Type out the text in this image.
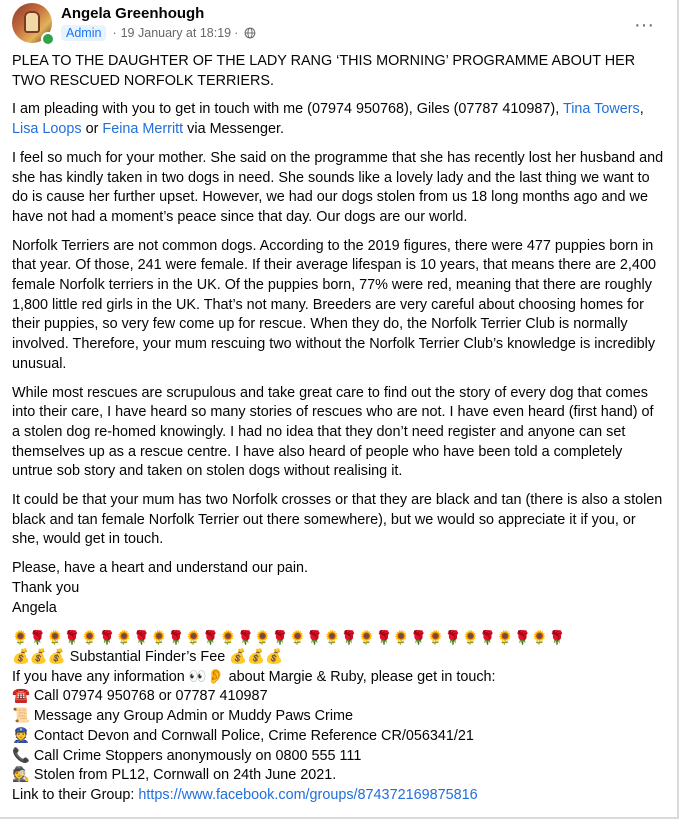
Angela Greenhough
Admin · 19 January at 18:19 ·	···

PLEA TO THE DAUGHTER OF THE LADY RANG ‘THIS MORNING’ PROGRAMME ABOUT HER TWO RESCUED NORFOLK TERRIERS.

I am pleading with you to get in touch with me (07974 950768), Giles (07787 410987), Tina Towers, Lisa Loops or Feina Merritt via Messenger.

I feel so much for your mother. She said on the programme that she has recently lost her husband and she has kindly taken in two dogs in need. She sounds like a lovely lady and the last thing we want to do is cause her further upset. However, we had our dogs stolen from us 18 long months ago and we have not had a moment’s peace since that day. Our dogs are our world.

Norfolk Terriers are not common dogs. According to the 2019 figures, there were 477 puppies born in that year. Of those, 241 were female. If their average lifespan is 10 years, that means there are 2,400 female Norfolk terriers in the UK. Of the puppies born, 77% were red, meaning that there are roughly 1,800 little red girls in the UK. That’s not many. Breeders are very careful about choosing homes for their puppies, so very few come up for rescue. When they do, the Norfolk Terrier Club is normally involved. Therefore, your mum rescuing two without the Norfolk Terrier Club’s knowledge is incredibly unusual.

While most rescues are scrupulous and take great care to find out the story of every dog that comes into their care, I have heard so many stories of rescues who are not. I have even heard (first hand) of a stolen dog re-homed knowingly. I had no idea that they don’t need register and anyone can set themselves up as a rescue centre. I have also heard of people who have been told a completely untrue sob story and taken on stolen dogs without realising it.

It could be that your mum has two Norfolk crosses or that they are black and tan (there is also a stolen black and tan female Norfolk Terrier out there somewhere), but we would so appreciate it if you, or she, would get in touch.

Please, have a heart and understand our pain.
Thank you
Angela

🌻🌹🌻🌹🌻🌹🌻🌹🌻🌹🌻🌹🌻🌹🌻🌹🌻🌹🌻🌹🌻🌹🌻🌹🌻🌹🌻🌹🌻🌹🌻🌹
💰💰💰 Substantial Finder’s Fee 💰💰💰
If you have any information 👀👂 about Margie & Ruby, please get in touch:
☎️ Call 07974 950768 or 07787 410987
📜 Message any Group Admin or Muddy Paws Crime
👮 Contact Devon and Cornwall Police, Crime Reference CR/056341/21
📞 Call Crime Stoppers anonymously on 0800 555 111
🕵️ Stolen from PL12, Cornwall on 24th June 2021.
Link to their Group: https://www.facebook.com/groups/874372169875816
